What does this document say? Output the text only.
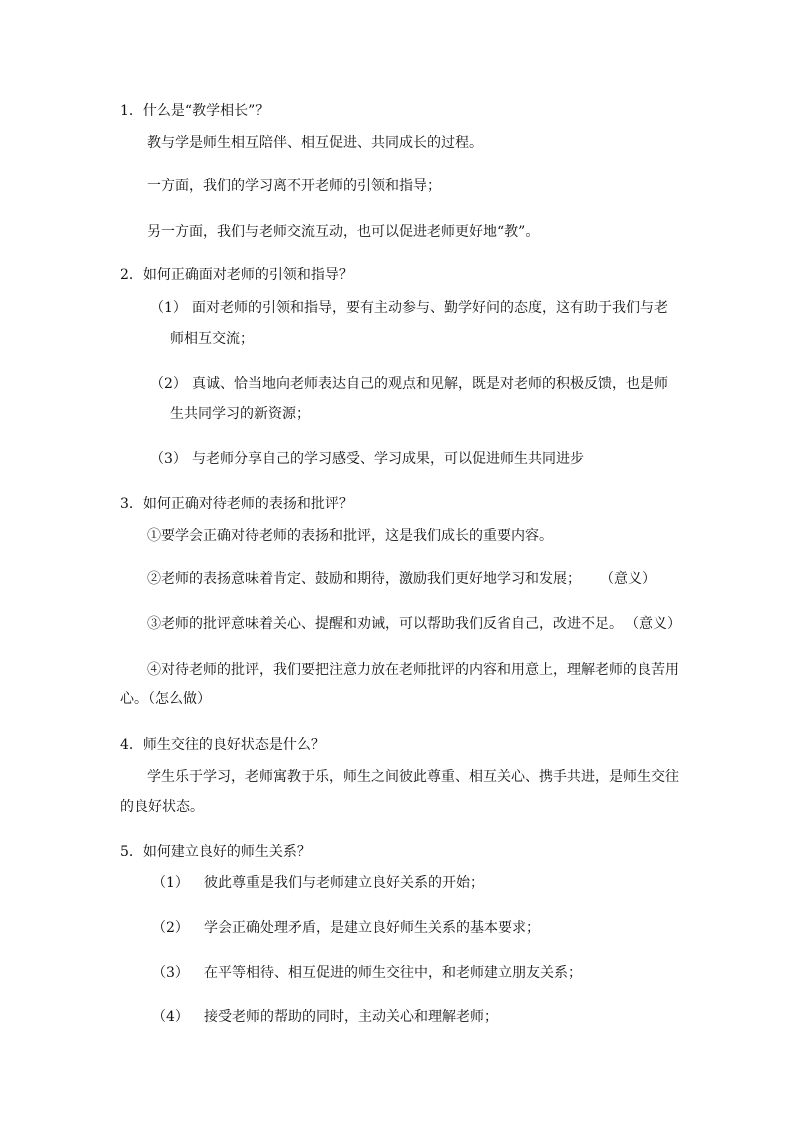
1．什么是“教学相长”？
教与学是师生相互陪伴、相互促进、共同成长的过程。
一方面，我们的学习离不开老师的引领和指导；
另一方面，我们与老师交流互动，也可以促进老师更好地“教”。
2．如何正确面对老师的引领和指导？
（1） 面对老师的引领和指导，要有主动参与、勤学好问的态度，这有助于我们与老
师相互交流；
（2） 真诚、恰当地向老师表达自己的观点和见解，既是对老师的积极反馈，也是师
生共同学习的新资源；
（3） 与老师分享自己的学习感受、学习成果，可以促进师生共同进步
3．如何正确对待老师的表扬和批评？
①要学会正确对待老师的表扬和批评，这是我们成长的重要内容。
②老师的表扬意味着肯定、鼓励和期待，激励我们更好地学习和发展； （意义）
③老师的批评意味着关心、提醒和劝诫，可以帮助我们反省自己，改进不足。 （意义）
④对待老师的批评，我们要把注意力放在老师批评的内容和用意上，理解老师的良苦用
心。（怎么做）
4．师生交往的良好状态是什么？
学生乐于学习，老师寓教于乐，师生之间彼此尊重、相互关心、携手共进，是师生交往
的良好状态。
5．如何建立良好的师生关系？
（1） 彼此尊重是我们与老师建立良好关系的开始；
（2） 学会正确处理矛盾，是建立良好师生关系的基本要求；
（3） 在平等相待、相互促进的师生交往中，和老师建立朋友关系；
（4） 接受老师的帮助的同时，主动关心和理解老师；
